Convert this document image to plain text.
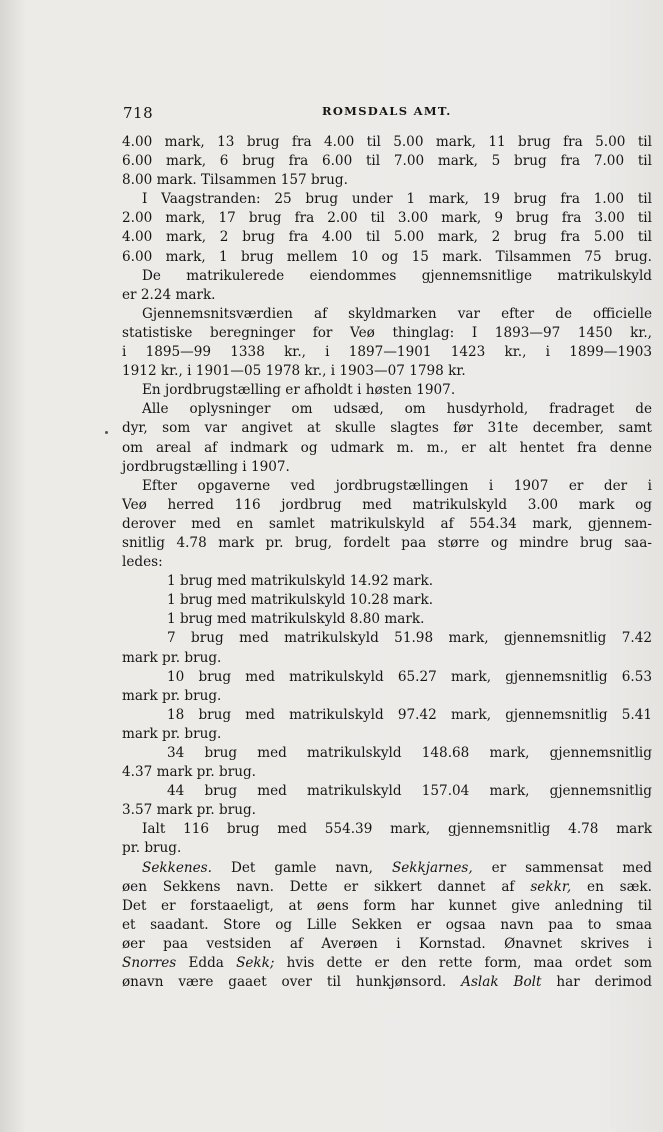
718	ROMSDALS AMT.

4.00 mark, 13 brug fra 4.00 til 5.00 mark, 11 brug fra 5.00 til
6.00 mark, 6 brug fra 6.00 til 7.00 mark, 5 brug fra 7.00 til
8.00 mark. Tilsammen 157 brug.

I Vaagstranden: 25 brug under 1 mark, 19 brug fra 1.00 til
2.00 mark, 17 brug fra 2.00 til 3.00 mark, 9 brug fra 3.00 til
4.00 mark, 2 brug fra 4.00 til 5.00 mark, 2 brug fra 5.00 til
6.00 mark, 1 brug mellem 10 og 15 mark. Tilsammen 75 brug.

De matrikulerede eiendommes gjennemsnitlige matrikulskyld
er 2.24 mark.

Gjennemsnitsværdien af skyldmarken var efter de officielle
statistiske beregninger for Veø thinglag: I 1893—97 1450 kr.,
i 1895—99 1338 kr., i 1897—1901 1423 kr., i 1899—1903
1912 kr., i 1901—05 1978 kr., i 1903—07 1798 kr.

En jordbrugstælling er afholdt i høsten 1907.

Alle oplysninger om udsæd, om husdyrhold, fradraget de
dyr, som var angivet at skulle slagtes før 31te december, samt
om areal af indmark og udmark m. m., er alt hentet fra denne
jordbrugstælling i 1907.

Efter opgaverne ved jordbrugstællingen i 1907 er der i
Veø herred 116 jordbrug med matrikulskyld 3.00 mark og
derover med en samlet matrikulskyld af 554.34 mark, gjennem-
snitlig 4.78 mark pr. brug, fordelt paa større og mindre brug saa-
ledes:

1 brug med matrikulskyld 14.92 mark.
1 brug med matrikulskyld 10.28 mark.
1 brug med matrikulskyld 8.80 mark.
7 brug med matrikulskyld 51.98 mark, gjennemsnitlig 7.42
mark pr. brug.
10 brug med matrikulskyld 65.27 mark, gjennemsnitlig 6.53
mark pr. brug.
18 brug med matrikulskyld 97.42 mark, gjennemsnitlig 5.41
mark pr. brug.
34 brug med matrikulskyld 148.68 mark, gjennemsnitlig
4.37 mark pr. brug.
44 brug med matrikulskyld 157.04 mark, gjennemsnitlig
3.57 mark pr. brug.
Ialt 116 brug med 554.39 mark, gjennemsnitlig 4.78 mark
pr. brug.

Sekkenes. Det gamle navn, Sekkjarnes, er sammensat med
øen Sekkens navn. Dette er sikkert dannet af sekkr, en sæk.
Det er forstaaeligt, at øens form har kunnet give anledning til
et saadant. Store og Lille Sekken er ogsaa navn paa to smaa
øer paa vestsiden af Averøen i Kornstad. Ønavnet skrives i
Snorres Edda Sekk; hvis dette er den rette form, maa ordet som
ønavn være gaaet over til hunkjønsord. Aslak Bolt har derimod
